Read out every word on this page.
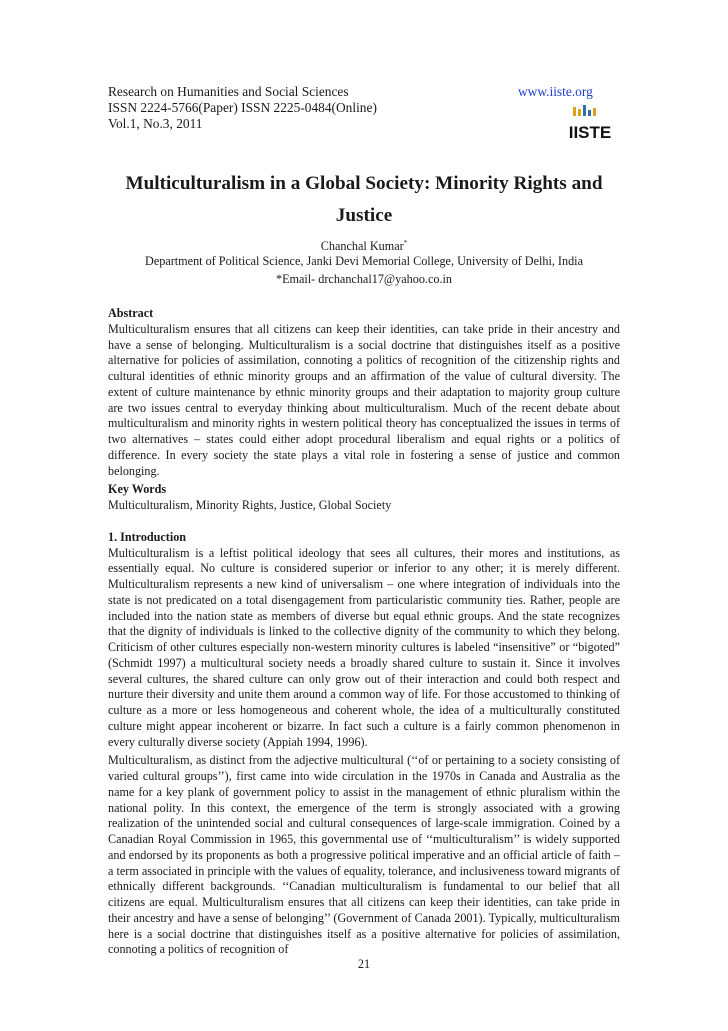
Research on Humanities and Social Sciences
ISSN 2224-5766(Paper) ISSN 2225-0484(Online)
Vol.1, No.3, 2011
www.iiste.org
IISTE
Multiculturalism in a Global Society: Minority Rights and Justice
Chanchal Kumar*
Department of Political Science, Janki Devi Memorial College, University of Delhi, India
*Email- drchanchal17@yahoo.co.in
Abstract

Multiculturalism ensures that all citizens can keep their identities, can take pride in their ancestry and have a sense of belonging. Multiculturalism is a social doctrine that distinguishes itself as a positive alternative for policies of assimilation, connoting a politics of recognition of the citizenship rights and cultural identities of ethnic minority groups and an affirmation of the value of cultural diversity. The extent of culture maintenance by ethnic minority groups and their adaptation to majority group culture are two issues central to everyday thinking about multiculturalism. Much of the recent debate about multiculturalism and minority rights in western political theory has conceptualized the issues in terms of two alternatives – states could either adopt procedural liberalism and equal rights or a politics of difference. In every society the state plays a vital role in fostering a sense of justice and common belonging.

Key Words

Multiculturalism, Minority Rights, Justice, Global Society

1. Introduction

Multiculturalism is a leftist political ideology that sees all cultures, their mores and institutions, as essentially equal. No culture is considered superior or inferior to any other; it is merely different. Multiculturalism represents a new kind of universalism – one where integration of individuals into the state is not predicated on a total disengagement from particularistic community ties. Rather, people are included into the nation state as members of diverse but equal ethnic groups. And the state recognizes that the dignity of individuals is linked to the collective dignity of the community to which they belong. Criticism of other cultures especially non-western minority cultures is labeled “insensitive” or “bigoted” (Schmidt 1997) a multicultural society needs a broadly shared culture to sustain it. Since it involves several cultures, the shared culture can only grow out of their interaction and could both respect and nurture their diversity and unite them around a common way of life. For those accustomed to thinking of culture as a more or less homogeneous and coherent whole, the idea of a multiculturally constituted culture might appear incoherent or bizarre. In fact such a culture is a fairly common phenomenon in every culturally diverse society (Appiah 1994, 1996).

Multiculturalism, as distinct from the adjective multicultural (‘‘of or pertaining to a society consisting of varied cultural groups’’), first came into wide circulation in the 1970s in Canada and Australia as the name for a key plank of government policy to assist in the management of ethnic pluralism within the national polity. In this context, the emergence of the term is strongly associated with a growing realization of the unintended social and cultural consequences of large-scale immigration. Coined by a Canadian Royal Commission in 1965, this governmental use of ‘‘multiculturalism’’ is widely supported and endorsed by its proponents as both a progressive political imperative and an official article of faith – a term associated in principle with the values of equality, tolerance, and inclusiveness toward migrants of ethnically different backgrounds. ‘‘Canadian multiculturalism is fundamental to our belief that all citizens are equal. Multiculturalism ensures that all citizens can keep their identities, can take pride in their ancestry and have a sense of belonging’’ (Government of Canada 2001). Typically, multiculturalism here is a social doctrine that distinguishes itself as a positive alternative for policies of assimilation, connoting a politics of recognition of

21
